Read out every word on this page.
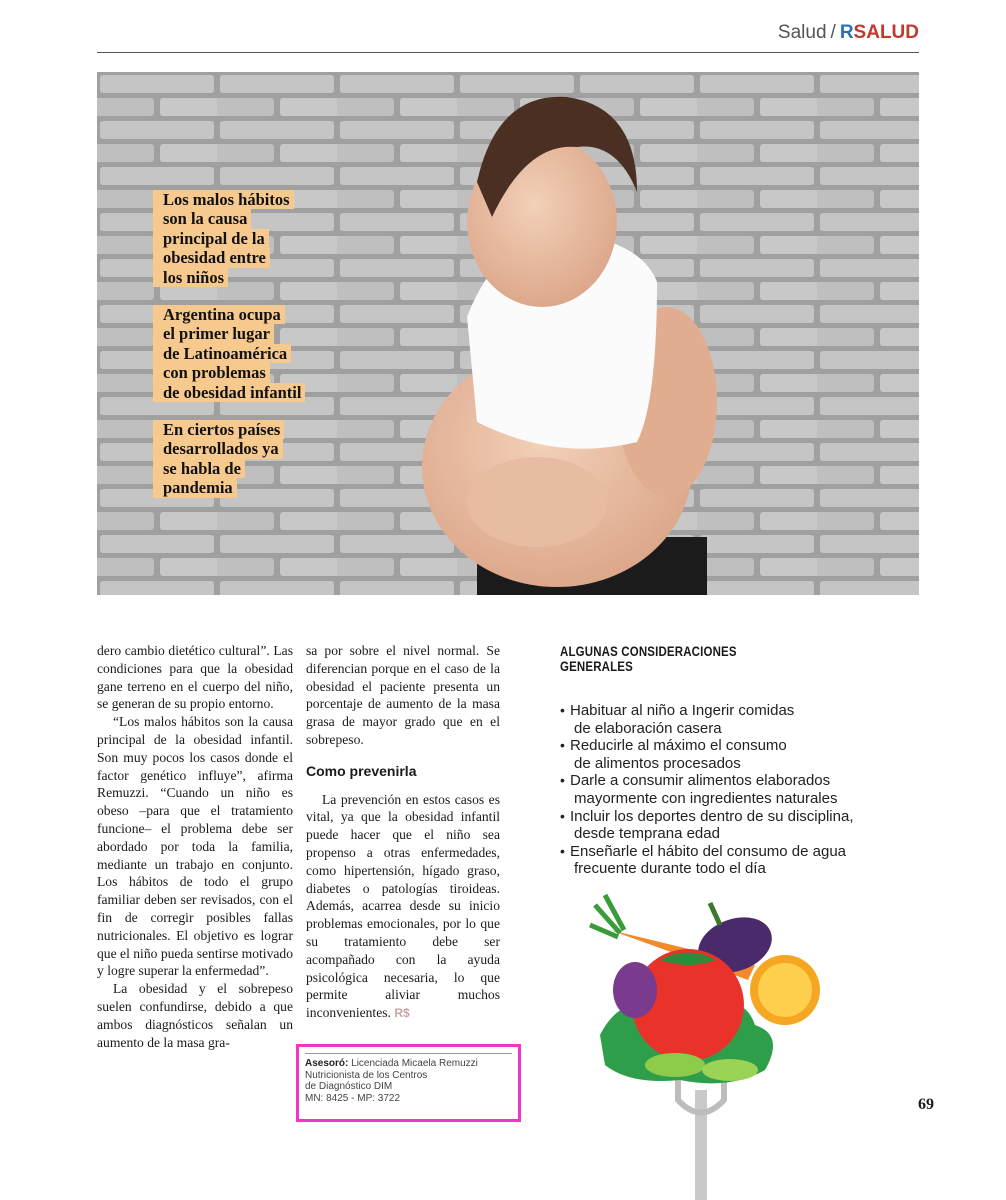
Salud / RSALUD
Los malos hábitos
son la causa
principal de la
obesidad entre
los niños
Argentina ocupa
el primer lugar
de Latinoamérica
con problemas
de obesidad infantil
En ciertos países
desarrollados ya
se habla de
pandemia

dero cambio dietético cultural”. Las condiciones para que la obesidad gane terreno en el cuerpo del niño, se generan de su propio entorno.

“Los malos hábitos son la causa principal de la obesidad infantil. Son muy pocos los casos donde el factor genético influye”, afirma Remuzzi. “Cuando un niño es obeso –para que el tratamiento funcione– el problema debe ser abordado por toda la familia, mediante un trabajo en conjunto. Los hábitos de todo el grupo familiar deben ser revisados, con el fin de corregir posibles fallas nutricionales. El objetivo es lograr que el niño pueda sentirse motivado y logre superar la enfermedad”.

La obesidad y el sobrepeso suelen confundirse, debido a que ambos diagnósticos señalan un aumento de la masa gra-

sa por sobre el nivel normal. Se diferencian porque en el caso de la obesidad el paciente presenta un porcentaje de aumento de la masa grasa de mayor grado que en el sobrepeso.

Como prevenirla

La prevención en estos casos es vital, ya que la obesidad infantil puede hacer que el niño sea propenso a otras enfermedades, como hipertensión, hígado graso, diabetes o patologías tiroideas. Además, acarrea desde su inicio problemas emocionales, por lo que su tratamiento debe ser acompañado con la ayuda psicológica necesaria, lo que permite aliviar muchos inconvenientes. R$

Asesoró: Licenciada Micaela Remuzzi
Nutricionista de los Centros
de Diagnóstico DIM
MN: 8425 - MP: 3722
ALGUNAS CONSIDERACIONES GENERALES
• Habituar al niño a Ingerir comidas
de elaboración casera
• Reducirle al máximo el consumo
de alimentos procesados
• Darle a consumir alimentos elaborados
mayormente con ingredientes naturales
• Incluir los deportes dentro de su disciplina,
desde temprana edad
• Enseñarle el hábito del consumo de agua
frecuente durante todo el día
69
